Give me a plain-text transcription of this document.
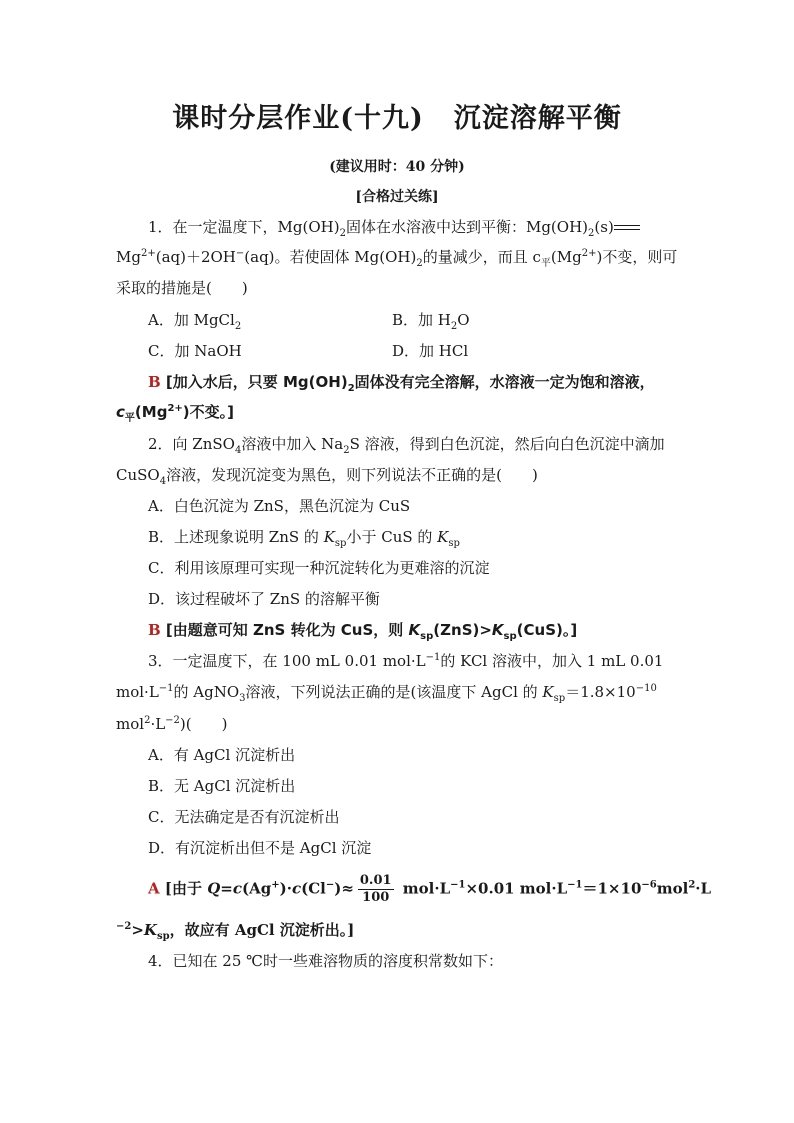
课时分层作业(十九) 沉淀溶解平衡
(建议用时：40 分钟)
[合格过关练]
1．在一定温度下，$Mg(OH)_2$固体在水溶液中达到平衡：$Mg(OH)_2(s)$
$Mg^{2+}(aq)+2OH^-(aq)$。若使固体 $Mg(OH)_2$的量减少，而且 $c_平(Mg^{2+})$不变，则可
采取的措施是(　　)
A．加 MgCl$_2$	B．加 $H_2O$
C．加 NaOH	D．加 HCl
B [加入水后，只要 $Mg(OH)_2$固体没有完全溶解，水溶液一定为饱和溶液，
$c_平(Mg^{2+})$不变。]
2．向 ZnSO$_4$溶液中加入 $Na_2S$ 溶液，得到白色沉淀，然后向白色沉淀中滴加
CuSO$_4$溶液，发现沉淀变为黑色，则下列说法不正确的是(　　)
A．白色沉淀为 ZnS，黑色沉淀为 CuS
B．上述现象说明 ZnS 的 $K_{sp}$小于 CuS 的 $K_{sp}$
C．利用该原理可实现一种沉淀转化为更难溶的沉淀
D．该过程破坏了 ZnS 的溶解平衡
B [由题意可知 ZnS 转化为 CuS，则 $K_{sp}(ZnS)>K_{sp}(CuS)$。]
3．一定温度下，在 100 mL 0.01 $mol\cdot L^{-1}$的 KCl 溶液中，加入 1 mL 0.01
$mol\cdot L^{-1}$的 AgNO$_3$溶液，下列说法正确的是(该温度下 AgCl 的 $K_{sp}=1.8\times 10^{-10}$
$mol^2\cdot L^{-2}$)(　　)
A．有 AgCl 沉淀析出
B．无 AgCl 沉淀析出
C．无法确定是否有沉淀析出
D．有沉淀析出但不是 AgCl 沉淀
A [由于 $Q=c(Ag^+)\cdot c(Cl^-)\approx \frac{0.01}{100} mol\cdot L^{-1}\times 0.01$ $mol\cdot L^{-1}=1\times 10^{-6}mol^2\cdot L$
$^{-2}>K_{sp}$，故应有 AgCl 沉淀析出。]
4．已知在 25 ℃时一些难溶物质的溶度积常数如下：
